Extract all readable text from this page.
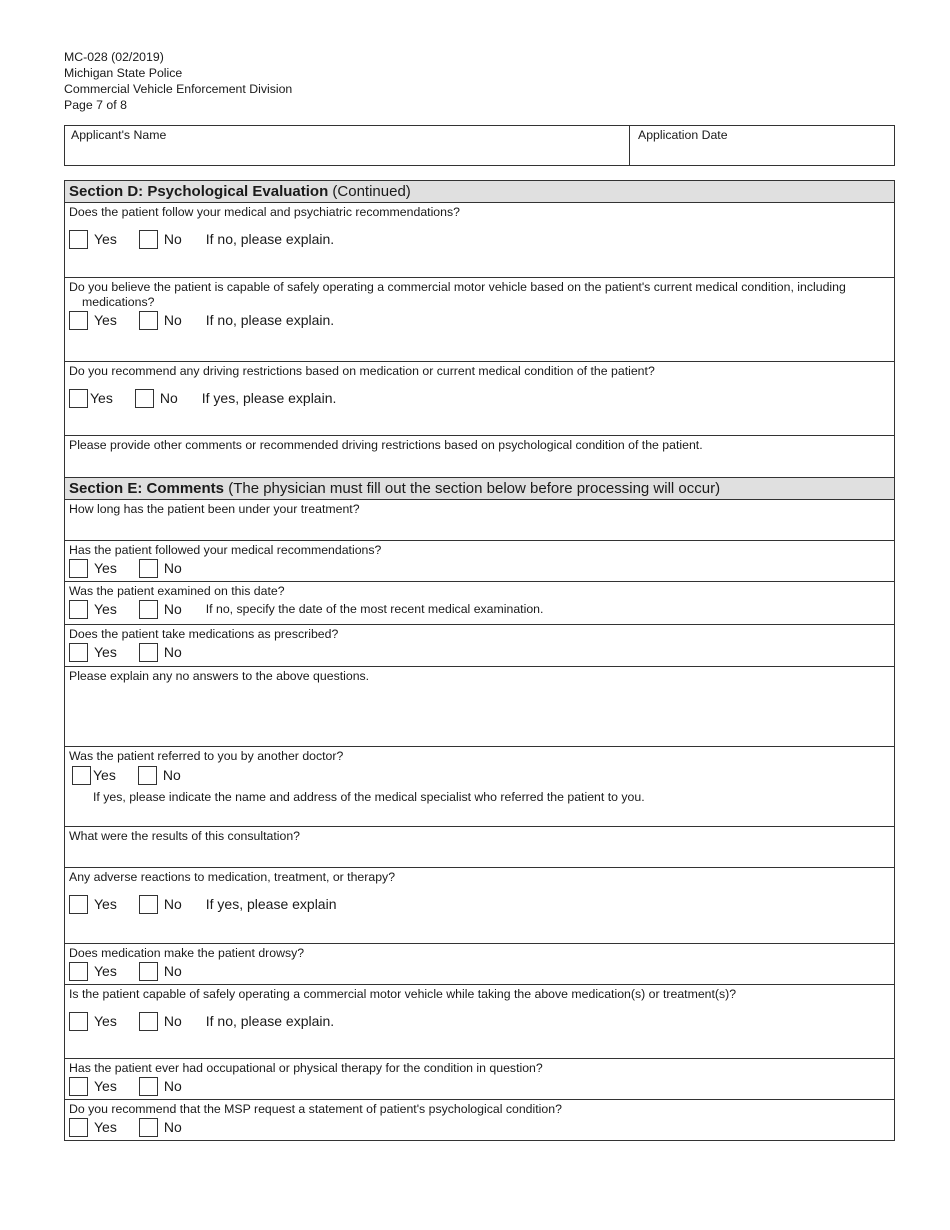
MC-028 (02/2019)
Michigan State Police
Commercial Vehicle Enforcement Division
Page 7 of 8
Applicant's Name	Application Date
Section D: Psychological Evaluation (Continued)
Does the patient follow your medical and psychiatric recommendations?
Yes	No If no, please explain.
Do you believe the patient is capable of safely operating a commercial motor vehicle based on the patient's current medical condition, including
medications?
Yes	No If no, please explain.
Do you recommend any driving restrictions based on medication or current medical condition of the patient?
Yes	No If yes, please explain.
Please provide other comments or recommended driving restrictions based on psychological condition of the patient.
Section E: Comments (The physician must fill out the section below before processing will occur)
How long has the patient been under your treatment?
Has the patient followed your medical recommendations?
Yes	No
Was the patient examined on this date?
Yes	No If no, specify the date of the most recent medical examination.
Does the patient take medications as prescribed?
Yes	No
Please explain any no answers to the above questions.
Was the patient referred to you by another doctor?
Yes	No
If yes, please indicate the name and address of the medical specialist who referred the patient to you.
What were the results of this consultation?
Any adverse reactions to medication, treatment, or therapy?
Yes	No If yes, please explain
Does medication make the patient drowsy?
Yes	No
Is the patient capable of safely operating a commercial motor vehicle while taking the above medication(s) or treatment(s)?
Yes	No If no, please explain.
Has the patient ever had occupational or physical therapy for the condition in question?
Yes	No
Do you recommend that the MSP request a statement of patient's psychological condition?
Yes	No
